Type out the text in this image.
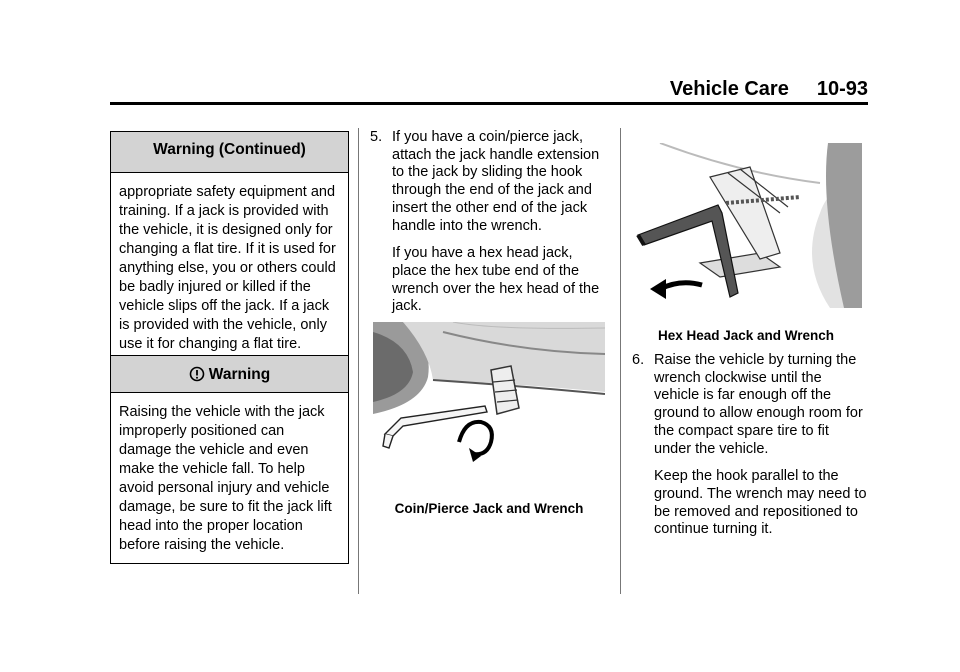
Vehicle Care 10-93
Warning (Continued)
appropriate safety equipment and training. If a jack is provided with the vehicle, it is designed only for changing a flat tire. If it is used for anything else, you or others could be badly injured or killed if the vehicle slips off the jack. If a jack is provided with the vehicle, only use it for changing a flat tire.
Warning
Raising the vehicle with the jack improperly positioned can damage the vehicle and even make the vehicle fall. To help avoid personal injury and vehicle damage, be sure to fit the jack lift head into the proper location before raising the vehicle.
5. If you have a coin/pierce jack, attach the jack handle extension to the jack by sliding the hook through the end of the jack and insert the other end of the jack handle into the wrench.

If you have a hex head jack, place the hex tube end of the wrench over the hex head of the jack.

Coin/Pierce Jack and Wrench
Hex Head Jack and Wrench
6. Raise the vehicle by turning the wrench clockwise until the vehicle is far enough off the ground to allow enough room for the compact spare tire to fit under the vehicle.

Keep the hook parallel to the ground. The wrench may need to be removed and repositioned to continue turning it.
